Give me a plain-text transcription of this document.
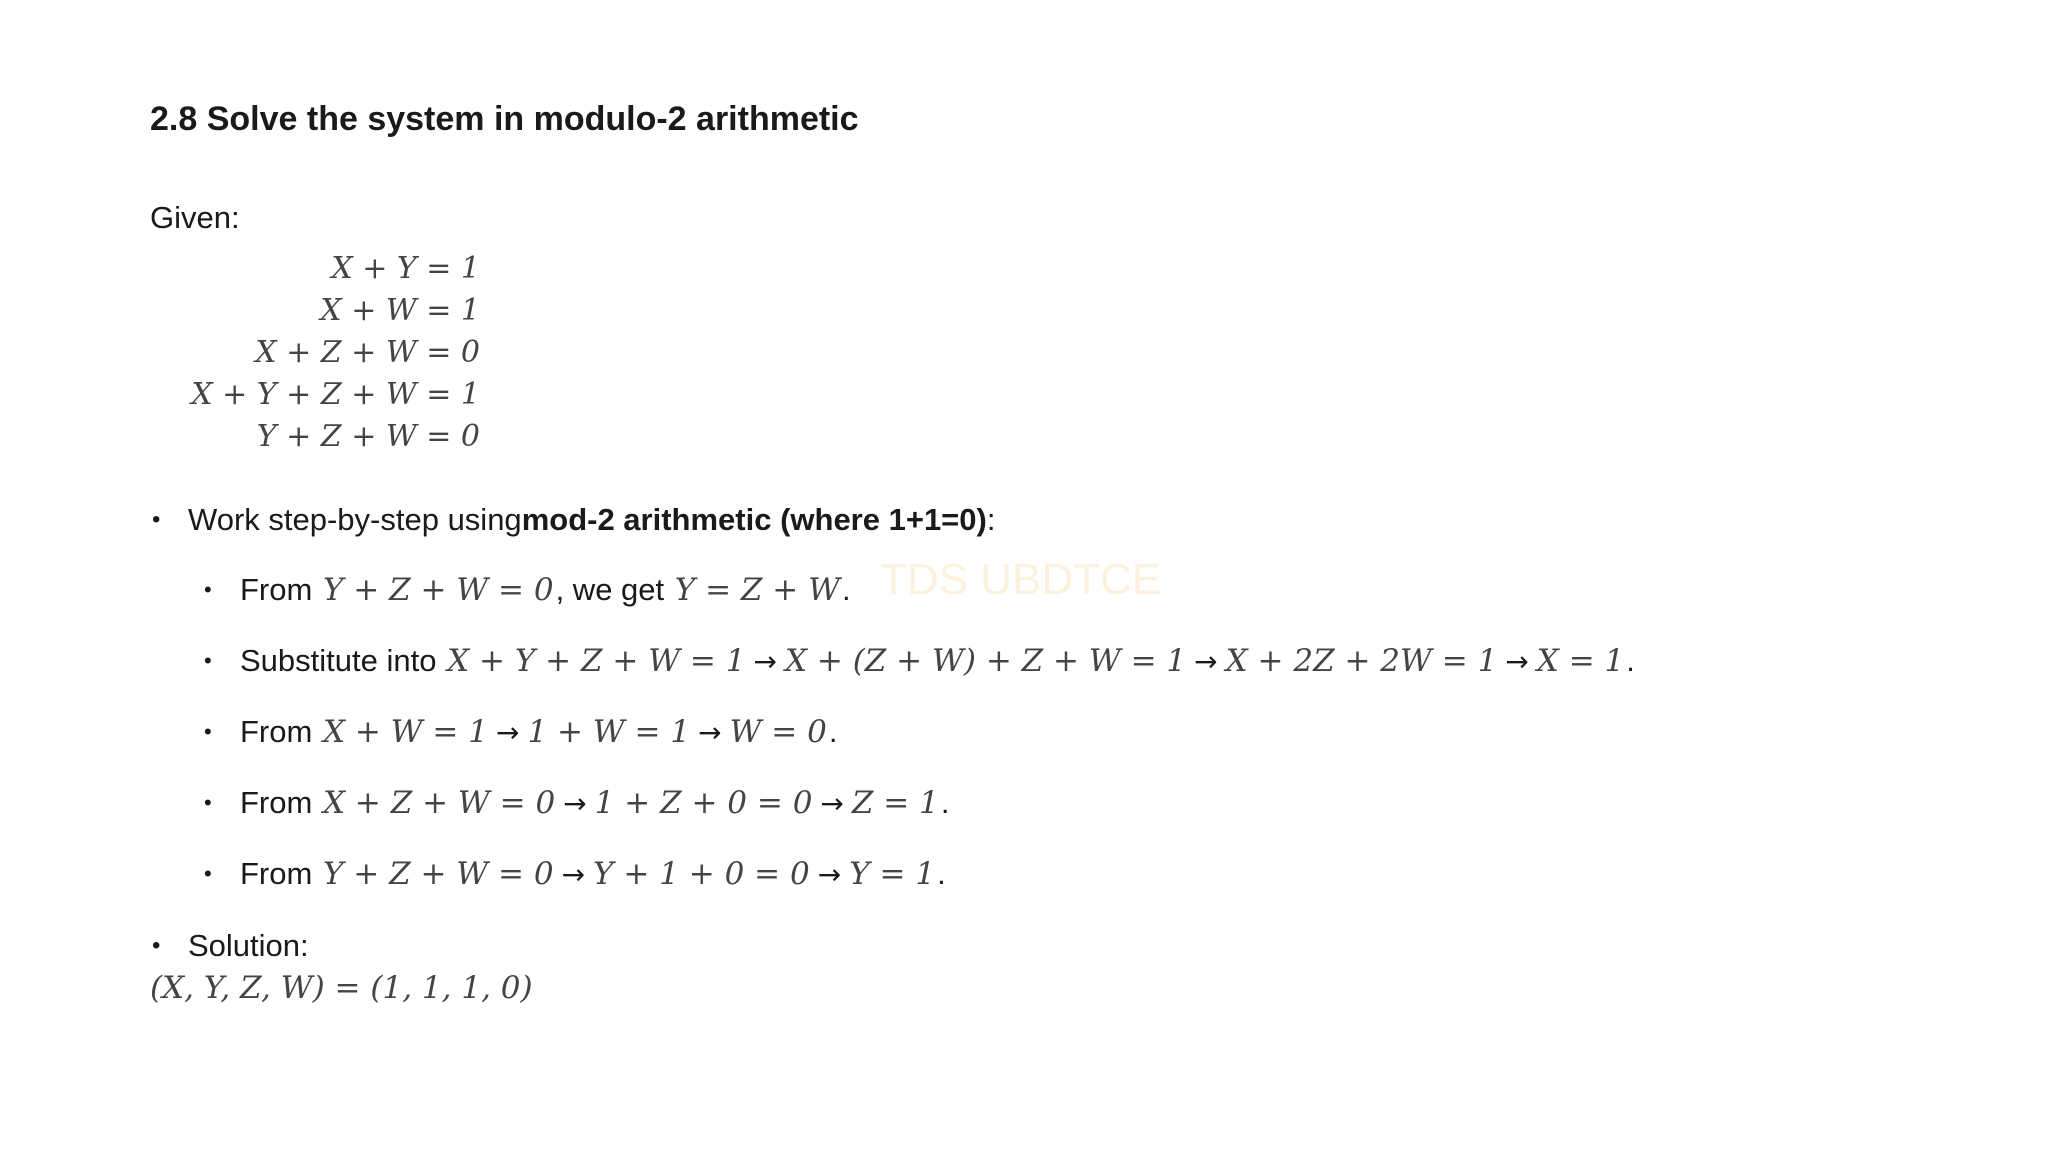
2.8 Solve the system in modulo-2 arithmetic
Given:
X + Y = 1
X + W = 1
X + Z + W = 0
X + Y + Z + W = 1
Y + Z + W = 0
• Work step-by-step using mod-2 arithmetic (where 1+1=0) :
• From Y + Z + W = 0 , we get Y = Z + W .
• Substitute into X + Y + Z + W = 1 → X + (Z + W) + Z + W = 1 → X + 2Z + 2W = 1 → X = 1 .
• From X + W = 1 → 1 + W = 1 → W = 0 .
• From X + Z + W = 0 → 1 + Z + 0 = 0 → Z = 1 .
• From Y + Z + W = 0 → Y + 1 + 0 = 0 → Y = 1 .
• Solution:
(X, Y, Z, W) = (1, 1, 1, 0)
TDS UBDTCE
